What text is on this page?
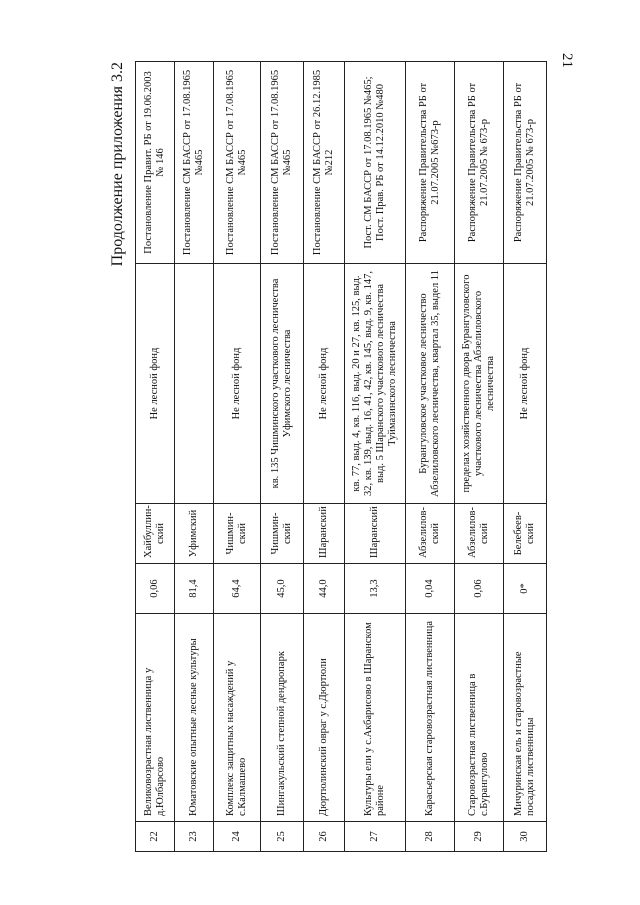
21
Продолжение приложения 3.2
22	Великовозрастная лиственница у д.Юлбарсово	0,06	Хайбуллин-ский	Не лесной фонд	Постановление Правит. РБ от 19.06.2003 № 146
23	Юматовские опытные лесные культуры	81,4	Уфимский		Постановление СМ БАССР от 17.08.1965 №465
24	Комплекс защитных насаждений у с.Калмашево	64,4	Чишмин-ский	Не лесной фонд	Постановление СМ БАССР от 17.08.1965 №465
25	Шингакульский степной дендропарк	45,0	Чишмин-ский	кв. 135 Чишминского участкового лесничества Уфимского лесничества	Постановление СМ БАССР от 17.08.1965 №465
26	Дюртюлинский овраг у с.Дюртюли	44,0	Шаранский	Не лесной фонд	Постановление СМ БАССР от 26.12.1985 №212
27	Культуры ели у с.Акбарисово в Шаранском районе	13,3	Шаранский	кв. 77, выд. 4, кв. 116, выд. 20 и 27, кв. 125, выд. 32, кв. 139, выд. 16, 41, 42, кв. 145, выд. 9, кв. 147, выд. 5 Шаранского участкового лесничества Туймазинского лесничества	Пост. СМ БАССР от 17.08.1965 №465; Пост. Прав. РБ от 14.12.2010 №480
28	Карасьерская старовозрастная лиственница	0,04	Абзелилов-ский	Бурангуловское участковое лесничество Абзелиловского лесничества, квартал 35, выдел 11	Распоряжение Правительства РБ от 21.07.2005 №673-р
29	Старовозрастная лиственница в с.Бурангулово	0,06	Абзелилов-ский	пределах хозяйственного двора Бурангуловского участкового лесничества Абзелиловского лесничества	Распоряжение Правительства РБ от 21.07.2005 № 673-р
30	Мичуринская ель и старовозрастные посадки лиственницы	0*	Белебеев-ский	Не лесной фонд	Распоряжение Правительства РБ от 21.07.2005 № 673-р
